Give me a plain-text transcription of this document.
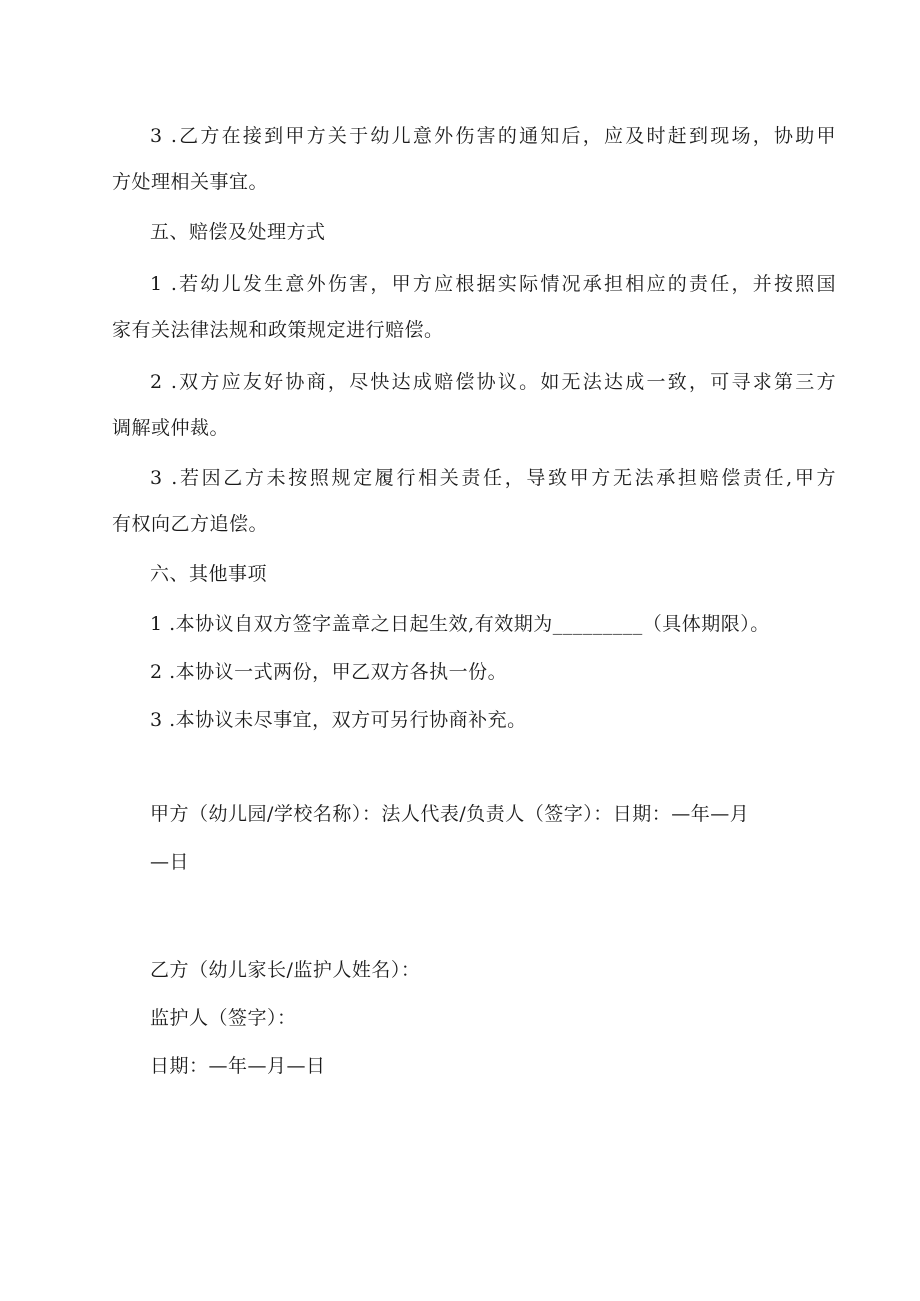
3 .乙方在接到甲方关于幼儿意外伤害的通知后，应及时赶到现场，协助甲
方处理相关事宜。
五、赔偿及处理方式
1 .若幼儿发生意外伤害，甲方应根据实际情况承担相应的责任，并按照国
家有关法律法规和政策规定进行赔偿。
2 .双方应友好协商，尽快达成赔偿协议。如无法达成一致，可寻求第三方
调解或仲裁。
3 .若因乙方未按照规定履行相关责任，导致甲方无法承担赔偿责任,甲方
有权向乙方追偿。
六、其他事项
1 .本协议自双方签字盖章之日起生效,有效期为_________（具体期限）。
2 .本协议一式两份，甲乙双方各执一份。
3 .本协议未尽事宜，双方可另行协商补充。
甲方（幼儿园/学校名称）：法人代表/负责人（签字）：日期：—年—月
—日
乙方（幼儿家长/监护人姓名）：
监护人（签字）：
日期：—年—月—日
